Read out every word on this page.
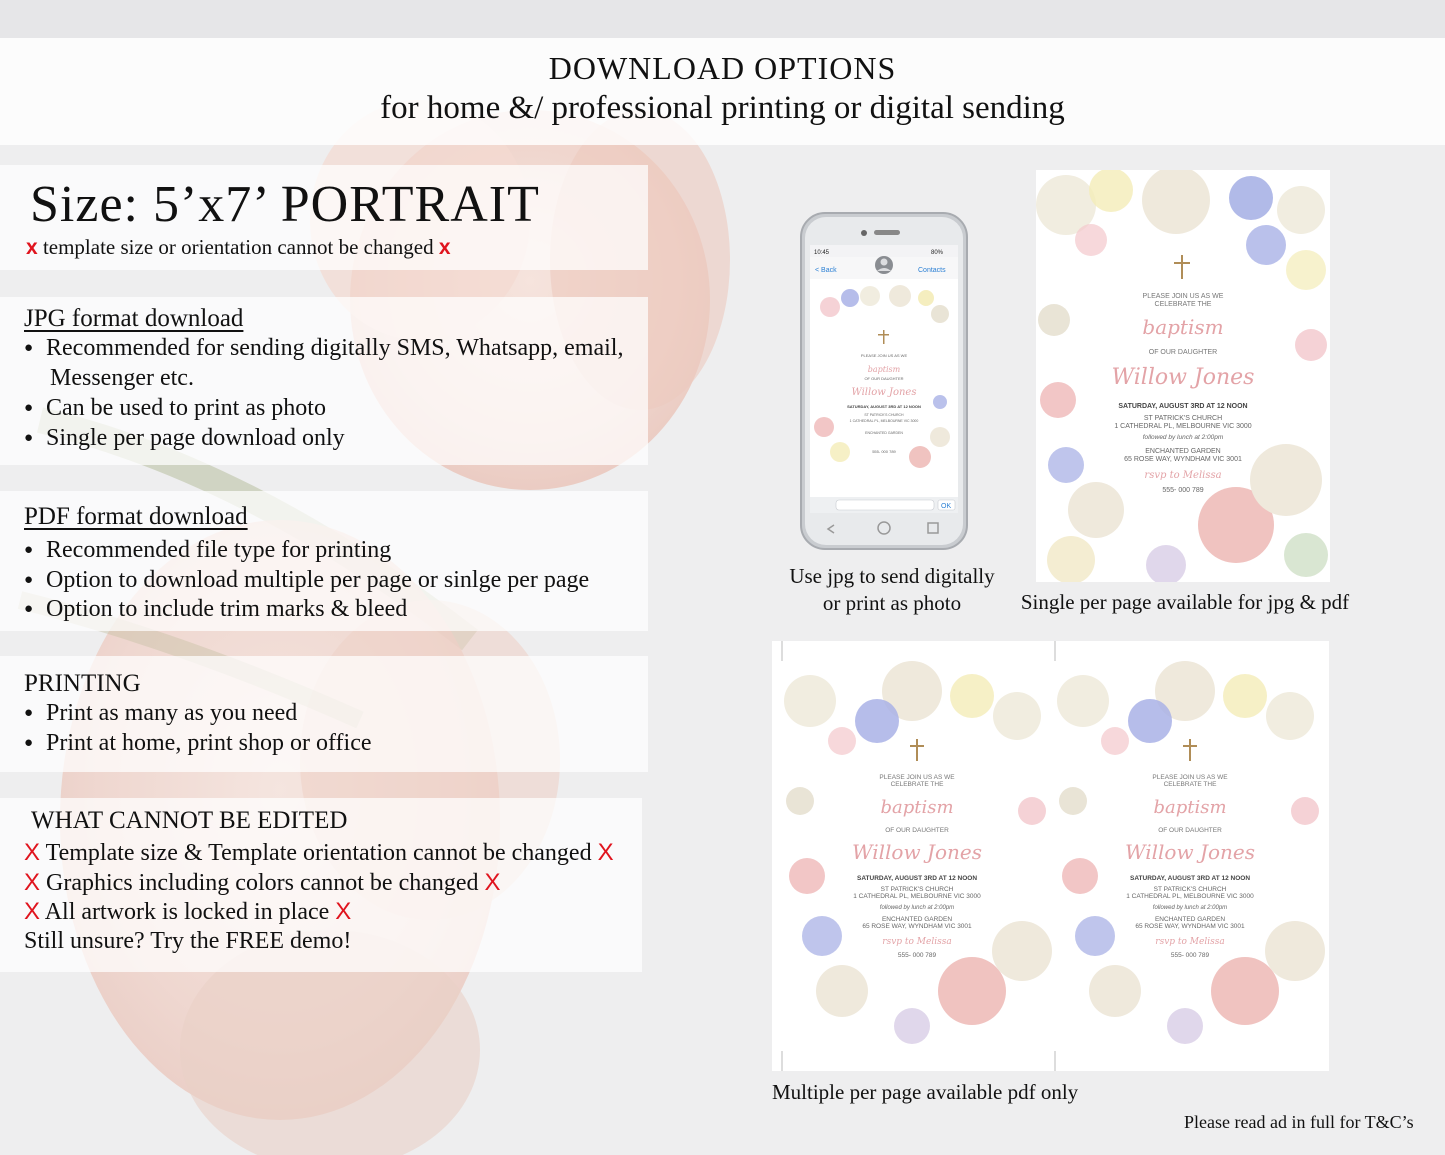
DOWNLOAD OPTIONS
for home &/ professional printing or digital sending
Size: 5’x7’ PORTRAIT
x template size or orientation cannot be changed x
JPG format download
● Recommended for sending digitally SMS, Whatsapp, email,
Messenger etc.
● Can be used to print as photo
● Single per page download only
PDF format download
● Recommended file type for printing
● Option to download multiple per page or sinlge per page
● Option to include trim marks & bleed
PRINTING
● Print as many as you need
● Print at home, print shop or office
WHAT CANNOT BE EDITED
X Template size & Template orientation cannot be changed X
X Graphics including colors cannot be changed X
X All artwork is locked in place X
Still unsure? Try the FREE demo!
10:45	80%
< Back	Contacts
PLEASE JOIN US AS WE
baptism
OF OUR DAUGHTER
Willow Jones
SATURDAY, AUGUST 3RD AT 12 NOON
ST PATRICK'S CHURCH
1 CATHEDRAL PL, MELBOURNE VIC 3000
ENCHANTED GARDEN
555- 000 789
OK
Use jpg to send digitally
or print as photo
PLEASE JOIN US AS WE
CELEBRATE THE
baptism
OF OUR DAUGHTER
Willow Jones
SATURDAY, AUGUST 3RD AT 12 NOON
ST PATRICK'S CHURCH
1 CATHEDRAL PL, MELBOURNE VIC 3000
followed by lunch at 2:00pm
ENCHANTED GARDEN
65 ROSE WAY, WYNDHAM VIC 3001
rsvp to Melissa
555- 000 789
Single per page available for jpg & pdf
PLEASE JOIN US AS WE
CELEBRATE THE
baptism
OF OUR DAUGHTER
Willow Jones
SATURDAY, AUGUST 3RD AT 12 NOON
ST PATRICK'S CHURCH
1 CATHEDRAL PL, MELBOURNE VIC 3000
followed by lunch at 2:00pm
ENCHANTED GARDEN
65 ROSE WAY, WYNDHAM VIC 3001
rsvp to Melissa
555- 000 789
PLEASE JOIN US AS WE
CELEBRATE THE
baptism
OF OUR DAUGHTER
Willow Jones
SATURDAY, AUGUST 3RD AT 12 NOON
ST PATRICK'S CHURCH
1 CATHEDRAL PL, MELBOURNE VIC 3000
followed by lunch at 2:00pm
ENCHANTED GARDEN
65 ROSE WAY, WYNDHAM VIC 3001
rsvp to Melissa
555- 000 789
Multiple per page available pdf only
Please read ad in full for T&C’s
